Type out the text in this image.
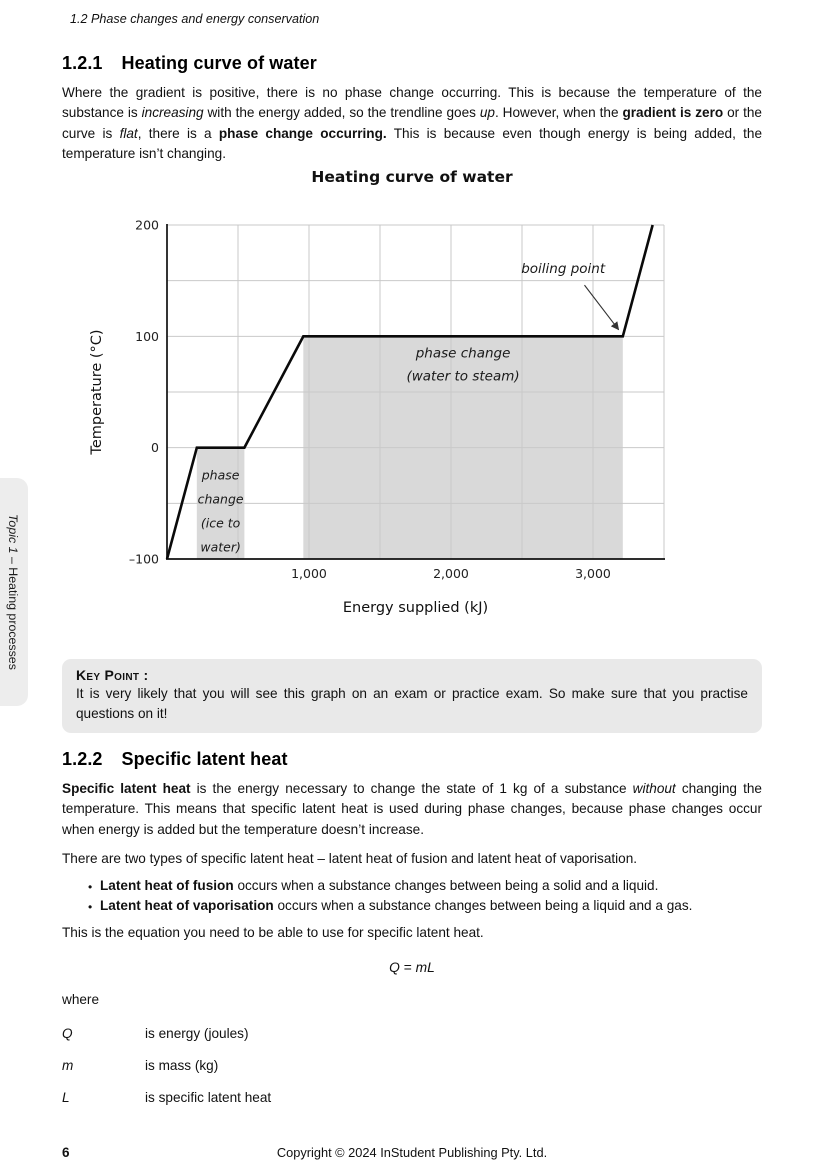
Topic 1 – Heating processes
1.2 Phase changes and energy conservation
1.2.1 Heating curve of water

Where the gradient is positive, there is no phase change occurring. This is because the temperature of the substance is increasing with the energy added, so the trendline goes up. However, when the gradient is zero or the curve is flat, there is a phase change occurring. This is because even though energy is being added, the temperature isn’t changing.

Heating curve of water
phase
change
(ice to
water)
phase change
(water to steam)
boiling point
200
100
0
–100
1,000	2,000	3,000
Energy supplied (kJ)
Temperature (°C)
Key Point :
It is very likely that you will see this graph on an exam or practice exam. So make sure that you practise questions on it!
1.2.2 Specific latent heat

Specific latent heat is the energy necessary to change the state of 1 kg of a substance without changing the temperature. This means that specific latent heat is used during phase changes, because phase changes occur when energy is added but the temperature doesn’t increase.

There are two types of specific latent heat – latent heat of fusion and latent heat of vaporisation.

• Latent heat of fusion occurs when a substance changes between being a solid and a liquid.
• Latent heat of vaporisation occurs when a substance changes between being a liquid and a gas.

This is the equation you need to be able to use for specific latent heat.

Q = mL

where

Q	is energy (joules)
m	is mass (kg)
L	is specific latent heat
6	Copyright © 2024 InStudent Publishing Pty. Ltd.
